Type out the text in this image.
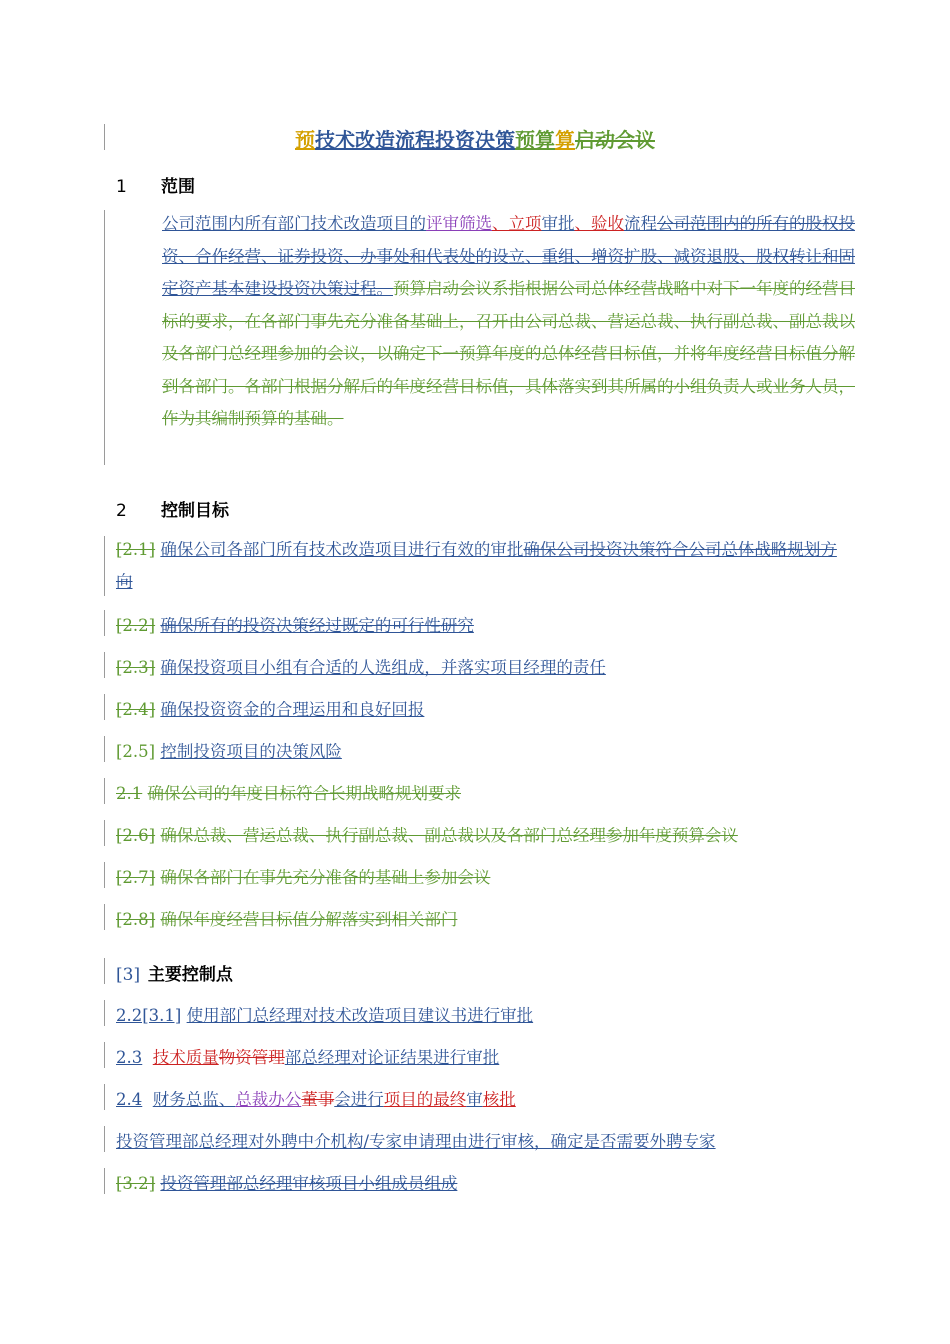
预技术改造流程投资决策预算算启动会议
1 范围
公司范围内所有部门技术改造项目的评审筛选、立项审批、验收流程公司范围内的所有的股权投资、合作经营、证券投资、办事处和代表处的设立、重组、增资扩股、减资退股、股权转让和固定资产基本建设投资决策过程。预算启动会议系指根据公司总体经营战略中对下一年度的经营目标的要求，在各部门事先充分准备基础上，召开由公司总裁、营运总裁、执行副总裁、副总裁以及各部门总经理参加的会议，以确定下一预算年度的总体经营目标值，并将年度经营目标值分解到各部门。各部门根据分解后的年度经营目标值，具体落实到其所属的小组负责人或业务人员，作为其编制预算的基础。
2 控制目标
[2.1] 确保公司各部门所有技术改造项目进行有效的审批确保公司投资决策符合公司总体战略规划方向
[2.2] 确保所有的投资决策经过既定的可行性研究
[2.3] 确保投资项目小组有合适的人选组成，并落实项目经理的责任
[2.4] 确保投资资金的合理运用和良好回报
[2.5] 控制投资项目的决策风险
2.1 确保公司的年度目标符合长期战略规划要求
[2.6] 确保总裁、营运总裁、执行副总裁、副总裁以及各部门总经理参加年度预算会议
[2.7] 确保各部门在事先充分准备的基础上参加会议
[2.8] 确保年度经营目标值分解落实到相关部门
[3] 主要控制点
2.2[3.1] 使用部门总经理对技术改造项目建议书进行审批
2.3 技术质量物资管理部总经理对论证结果进行审批
2.4 财务总监、总裁办公董事会进行项目的最终审核批
投资管理部总经理对外聘中介机构/专家申请理由进行审核，确定是否需要外聘专家
[3.2] 投资管理部总经理审核项目小组成员组成
